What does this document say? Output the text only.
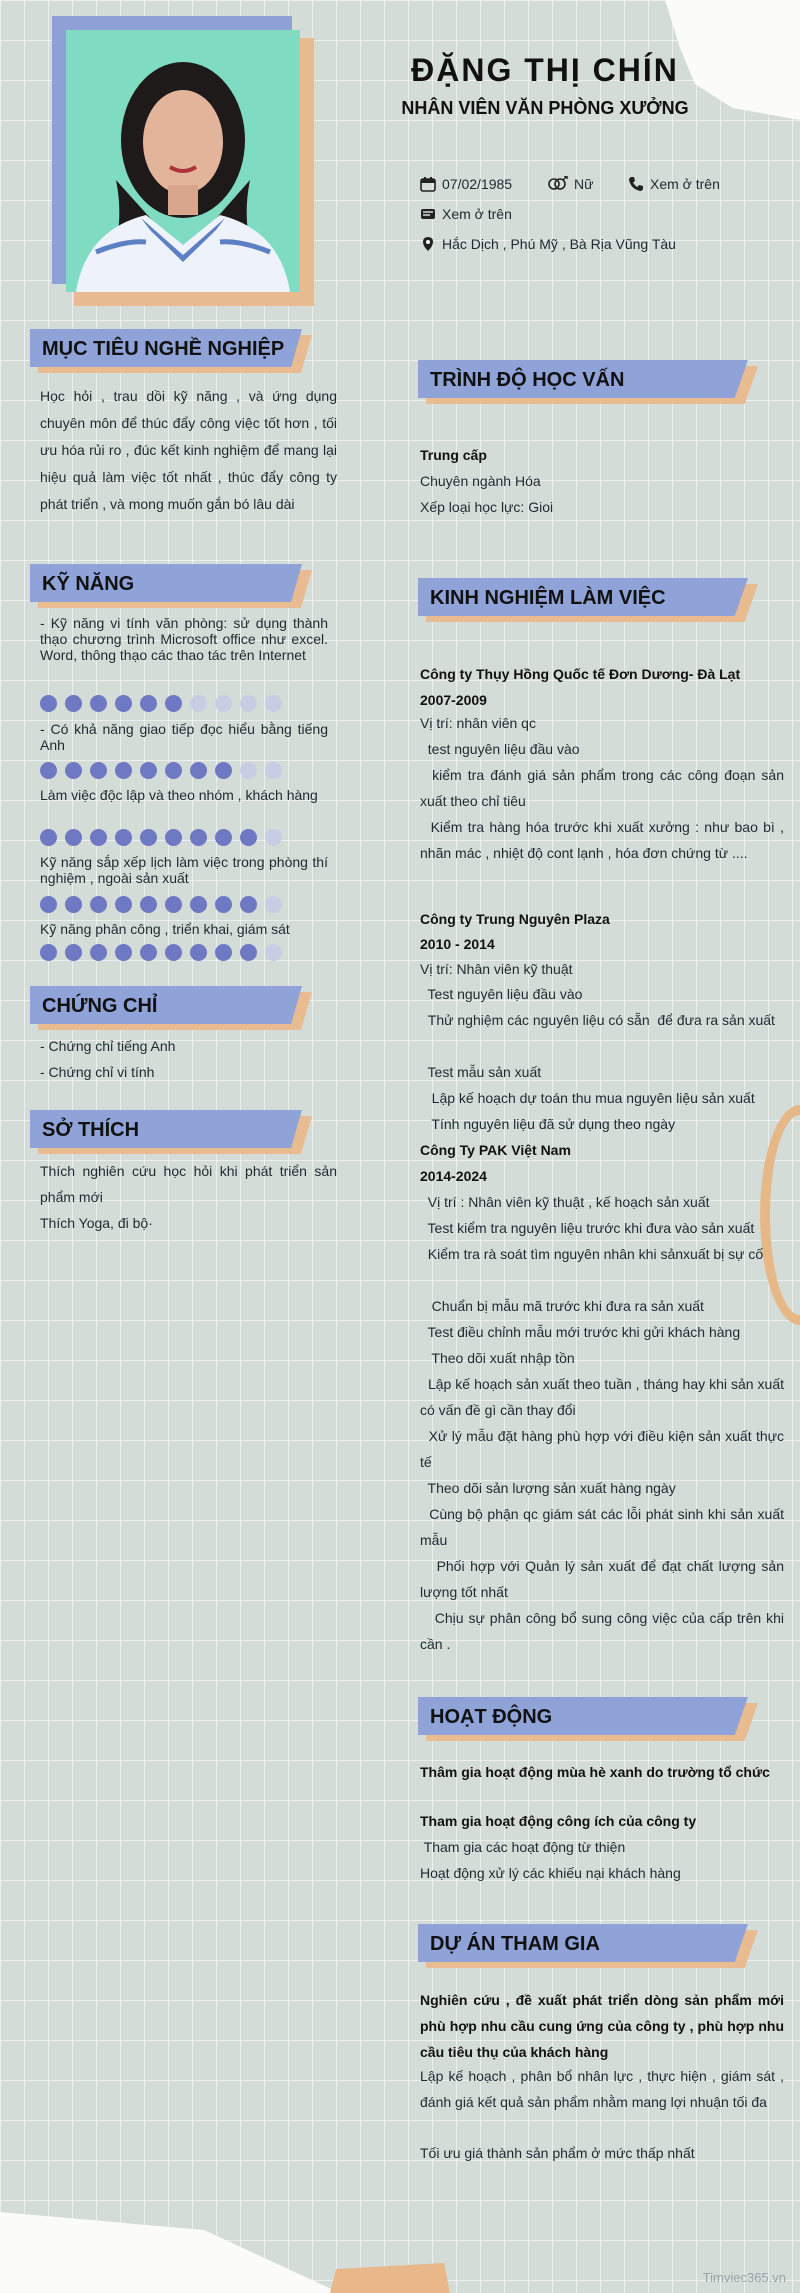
ĐẶNG THỊ CHÍN
NHÂN VIÊN VĂN PHÒNG XƯỞNG
07/02/1985	Nữ	Xem ở trên
Xem ở trên
Hắc Dịch , Phú Mỹ , Bà Rịa Vũng Tàu
MỤC TIÊU NGHỀ NGHIỆP
Học hỏi , trau dồi kỹ năng , và ứng dụng chuyên môn để thúc đẩy công việc tốt hơn , tối ưu hóa rủi ro , đúc kết kinh nghiệm để mang lại hiệu quả làm việc tốt nhất , thúc đẩy công ty phát triển , và mong muốn gắn bó lâu dài
KỸ NĂNG
- Kỹ năng vi tính văn phòng: sử dụng thành thạo chương trình Microsoft office như excel. Word, thông thạo các thao tác trên Internet
- Có khả năng giao tiếp đọc hiểu bằng tiếng Anh
Làm việc độc lập và theo nhóm , khách hàng
Kỹ năng sắp xếp lịch làm việc trong phòng thí nghiệm , ngoài sản xuất
Kỹ năng phân công , triển khai, giám sát
CHỨNG CHỈ
- Chứng chỉ tiếng Anh
- Chứng chỉ vi tính
SỞ THÍCH
Thích nghiên cứu học hỏi khi phát triển sản phẩm mới
Thích Yoga, đi bộ·
TRÌNH ĐỘ HỌC VẤN
Trung cấp
Chuyên ngành Hóa
Xếp loại học lực: Gioi
KINH NGHIỆM LÀM VIỆC
Công ty Thụy Hồng Quốc tế Đơn Dương- Đà Lạt
2007-2009
Vị trí: nhân viên qc
test nguyên liệu đầu vào
kiểm tra đánh giá sản phẩm trong các công đoạn sản xuất theo chỉ tiêu
Kiểm tra hàng hóa trước khi xuất xưởng : như bao bì , nhãn mác , nhiệt độ cont lạnh , hóa đơn chứng từ ....
Công ty Trung Nguyên Plaza
2010 - 2014
Vị trí: Nhân viên kỹ thuật
Test nguyên liệu đầu vào
Thử nghiệm các nguyên liệu có sẵn  để đưa ra sản xuất
Test mẫu sản xuất
Lập kế hoạch dự toán thu mua nguyên liệu sản xuất
Tính nguyên liệu đã sử dụng theo ngày
Công Ty PAK Việt Nam
2014-2024
Vị trí : Nhân viên kỹ thuật , kế hoạch sản xuất
Test kiểm tra nguyên liệu trước khi đưa vào sản xuất
Kiểm tra rà soát tìm nguyên nhân khi sảnxuất bị sự cố
Chuẩn bị mẫu mã trước khi đưa ra sản xuất
Test điều chỉnh mẫu mới trước khi gửi khách hàng
Theo dõi xuất nhập tồn
Lập kế hoạch sản xuất theo tuần , tháng hay khi sản xuất có vấn đề gì cần thay đổi
Xử lý mẫu đặt hàng phù hợp với điều kiện sản xuất thực tế
Theo dõi sản lượng sản xuất hàng ngày
Cùng bộ phận qc giám sát các lỗi phát sinh khi sản xuất mẫu
Phối hợp với Quản lý sản xuất để đạt chất lượng sản lượng tốt nhất
Chịu sự phân công bổ sung công việc của cấp trên khi cần .
HOẠT ĐỘNG
Thâm gia hoạt động mùa hè xanh do trường tổ chức
Tham gia hoạt động công ích của công ty
Tham gia các hoạt động từ thiện
Hoạt động xử lý các khiếu nại khách hàng
DỰ ÁN THAM GIA
Nghiên cứu , đề xuất phát triển dòng sản phẩm mới phù hợp nhu cầu cung ứng của công ty , phù hợp nhu cầu tiêu thụ của khách hàng
Lập kế hoạch , phân bổ nhân lực , thực hiện , giám sát , đánh giá kết quả sản phẩm nhằm mang lợi nhuận tối đa
Tối ưu giá thành sản phẩm ở mức thấp nhất
Timviec365.vn
